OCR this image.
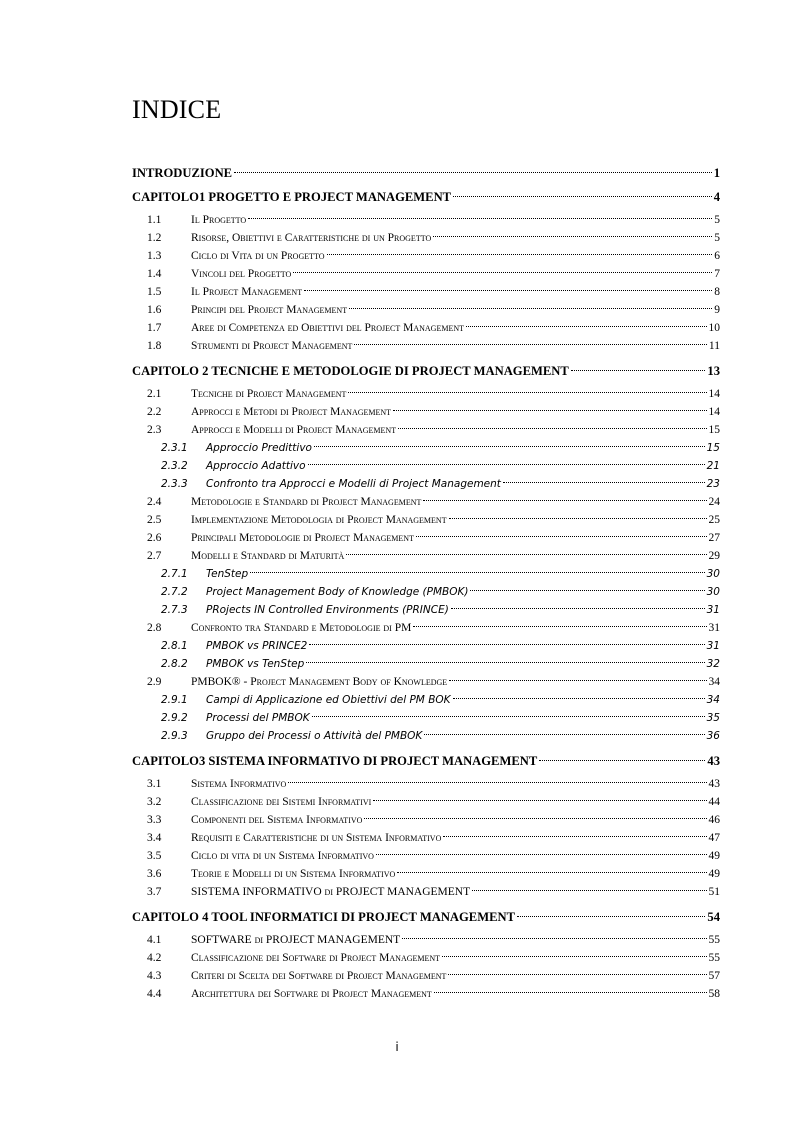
INDICE
INTRODUZIONE	1
CAPITOLO1 PROGETTO E PROJECT MANAGEMENT	4
1.1	Il Progetto	5
1.2	Risorse, Obiettivi e Caratteristiche di un Progetto	5
1.3	Ciclo di Vita di un Progetto	6
1.4	Vincoli del Progetto	7
1.5	Il Project Management	8
1.6	Principi del Project Management	9
1.7	Aree di Competenza ed Obiettivi del Project Management	10
1.8	Strumenti di Project Management	11
CAPITOLO 2 TECNICHE E METODOLOGIE DI PROJECT MANAGEMENT	13
2.1	Tecniche di Project Management	14
2.2	Approcci e Metodi di Project Management	14
2.3	Approcci e Modelli di Project Management	15
2.3.1	Approccio Predittivo	15
2.3.2	Approccio Adattivo	21
2.3.3	Confronto tra Approcci e Modelli di Project Management	23
2.4	Metodologie e Standard di Project Management	24
2.5	Implementazione Metodologia di Project Management	25
2.6	Principali Metodologie di Project Management	27
2.7	Modelli e Standard di Maturità	29
2.7.1	TenStep	30
2.7.2	Project Management Body of Knowledge (PMBOK)	30
2.7.3	PRojects IN Controlled Environments (PRINCE)	31
2.8	Confronto tra Standard e Metodologie di PM	31
2.8.1	PMBOK vs PRINCE2	31
2.8.2	PMBOK vs TenStep	32
2.9	PMBOK® - Project Management Body of Knowledge	34
2.9.1	Campi di Applicazione ed Obiettivi del PM BOK	34
2.9.2	Processi del PMBOK	35
2.9.3	Gruppo dei Processi o Attività del PMBOK	36
CAPITOLO3 SISTEMA INFORMATIVO DI PROJECT MANAGEMENT	43
3.1	Sistema Informativo	43
3.2	Classificazione dei Sistemi Informativi	44
3.3	Componenti del Sistema Informativo	46
3.4	Requisiti e Caratteristiche di un Sistema Informativo	47
3.5	Ciclo di vita di un Sistema Informativo	49
3.6	Teorie e Modelli di un Sistema Informativo	49
3.7	SISTEMA INFORMATIVO di PROJECT MANAGEMENT	51
CAPITOLO 4 TOOL INFORMATICI DI PROJECT MANAGEMENT	54
4.1	SOFTWARE di PROJECT MANAGEMENT	55
4.2	Classificazione dei Software di Project Management	55
4.3	Criteri di Scelta dei Software di Project Management	57
4.4	Architettura dei Software di Project Management	58
i
